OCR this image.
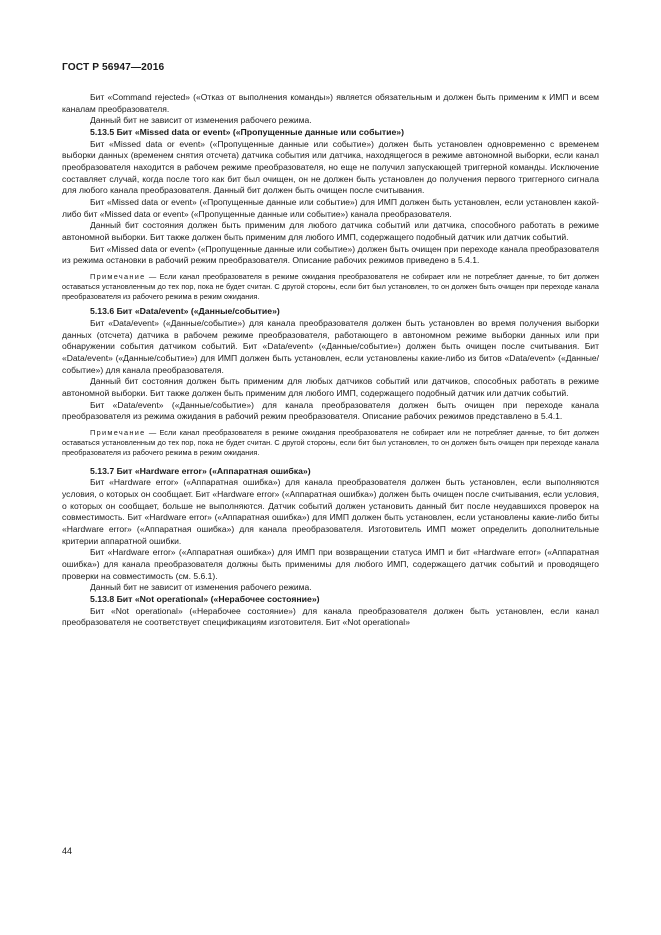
ГОСТ Р 56947—2016

Бит «Command rejected» («Отказ от выполнения команды») является обязательным и должен быть применим к ИМП и всем каналам преобразователя.

Данный бит не зависит от изменения рабочего режима.

5.13.5 Бит «Missed data or event» («Пропущенные данные или событие»)

Бит «Missed data or event» («Пропущенные данные или событие») должен быть установлен одновременно с временем выборки данных (временем снятия отсчета) датчика события или датчика, находящегося в режиме автономной выборки, если канал преобразователя находится в рабочем режиме преобразователя, но еще не получил запускающей триггерной команды. Исключение составляет случай, когда после того как бит был очищен, он не должен быть установлен до получения первого триггерного сигнала для любого канала преобразователя. Данный бит должен быть очищен после считывания.

Бит «Missed data or event» («Пропущенные данные или событие») для ИМП должен быть установлен, если установлен какой-либо бит «Missed data or event» («Пропущенные данные или событие») канала преобразователя.

Данный бит состояния должен быть применим для любого датчика событий или датчика, способного работать в режиме автономной выборки. Бит также должен быть применим для любого ИМП, содержащего подобный датчик или датчик событий.

Бит «Missed data or event» («Пропущенные данные или событие») должен быть очищен при переходе канала преобразователя из режима остановки в рабочий режим преобразователя. Описание рабочих режимов приведено в 5.4.1.

Примечание — Если канал преобразователя в режиме ожидания преобразователя не собирает или не потребляет данные, то бит должен оставаться установленным до тех пор, пока не будет считан. С другой стороны, если бит был установлен, то он должен быть очищен при переходе канала преобразователя из рабочего режима в режим ожидания.

5.13.6 Бит «Data/event» («Данные/событие»)

Бит «Data/event» («Данные/событие») для канала преобразователя должен быть установлен во время получения выборки данных (отсчета) датчика в рабочем режиме преобразователя, работающего в автономном режиме выборки данных или при обнаружении события датчиком событий. Бит «Data/event» («Данные/событие») должен быть очищен после считывания. Бит «Data/event» («Данные/событие») для ИМП должен быть установлен, если установлены какие-либо из битов «Data/event» («Данные/событие») для канала преобразователя.

Данный бит состояния должен быть применим для любых датчиков событий или датчиков, способных работать в режиме автономной выборки. Бит также должен быть применим для любого ИМП, содержащего подобный датчик или датчик событий.

Бит «Data/event» («Данные/событие») для канала преобразователя должен быть очищен при переходе канала преобразователя из режима ожидания в рабочий режим преобразователя. Описание рабочих режимов представлено в 5.4.1.

Примечание — Если канал преобразователя в режиме ожидания преобразователя не собирает или не потребляет данные, то бит должен оставаться установленным до тех пор, пока не будет считан. С другой стороны, если бит был установлен, то он должен быть очищен при переходе канала преобразователя из рабочего режима в режим ожидания.

5.13.7 Бит «Hardware error» («Аппаратная ошибка»)

Бит «Hardware error» («Аппаратная ошибка») для канала преобразователя должен быть установлен, если выполняются условия, о которых он сообщает. Бит «Hardware error» («Аппаратная ошибка») должен быть очищен после считывания, если условия, о которых он сообщает, больше не выполняются. Датчик событий должен установить данный бит после неудавшихся проверок на совместимость. Бит «Hardware error» («Аппаратная ошибка») для ИМП должен быть установлен, если установлены какие-либо биты «Hardware error» («Аппаратная ошибка») для канала преобразователя. Изготовитель ИМП может определить дополнительные критерии аппаратной ошибки.

Бит «Hardware error» («Аппаратная ошибка») для ИМП при возвращении статуса ИМП и бит «Hardware error» («Аппаратная ошибка») для канала преобразователя должны быть применимы для любого ИМП, содержащего датчик событий и проводящего проверки на совместимость (см. 5.6.1).

Данный бит не зависит от изменения рабочего режима.

5.13.8 Бит «Not operational» («Нерабочее состояние»)

Бит «Not operational» («Нерабочее состояние») для канала преобразователя должен быть установлен, если канал преобразователя не соответствует спецификациям изготовителя. Бит «Not operational»

44
